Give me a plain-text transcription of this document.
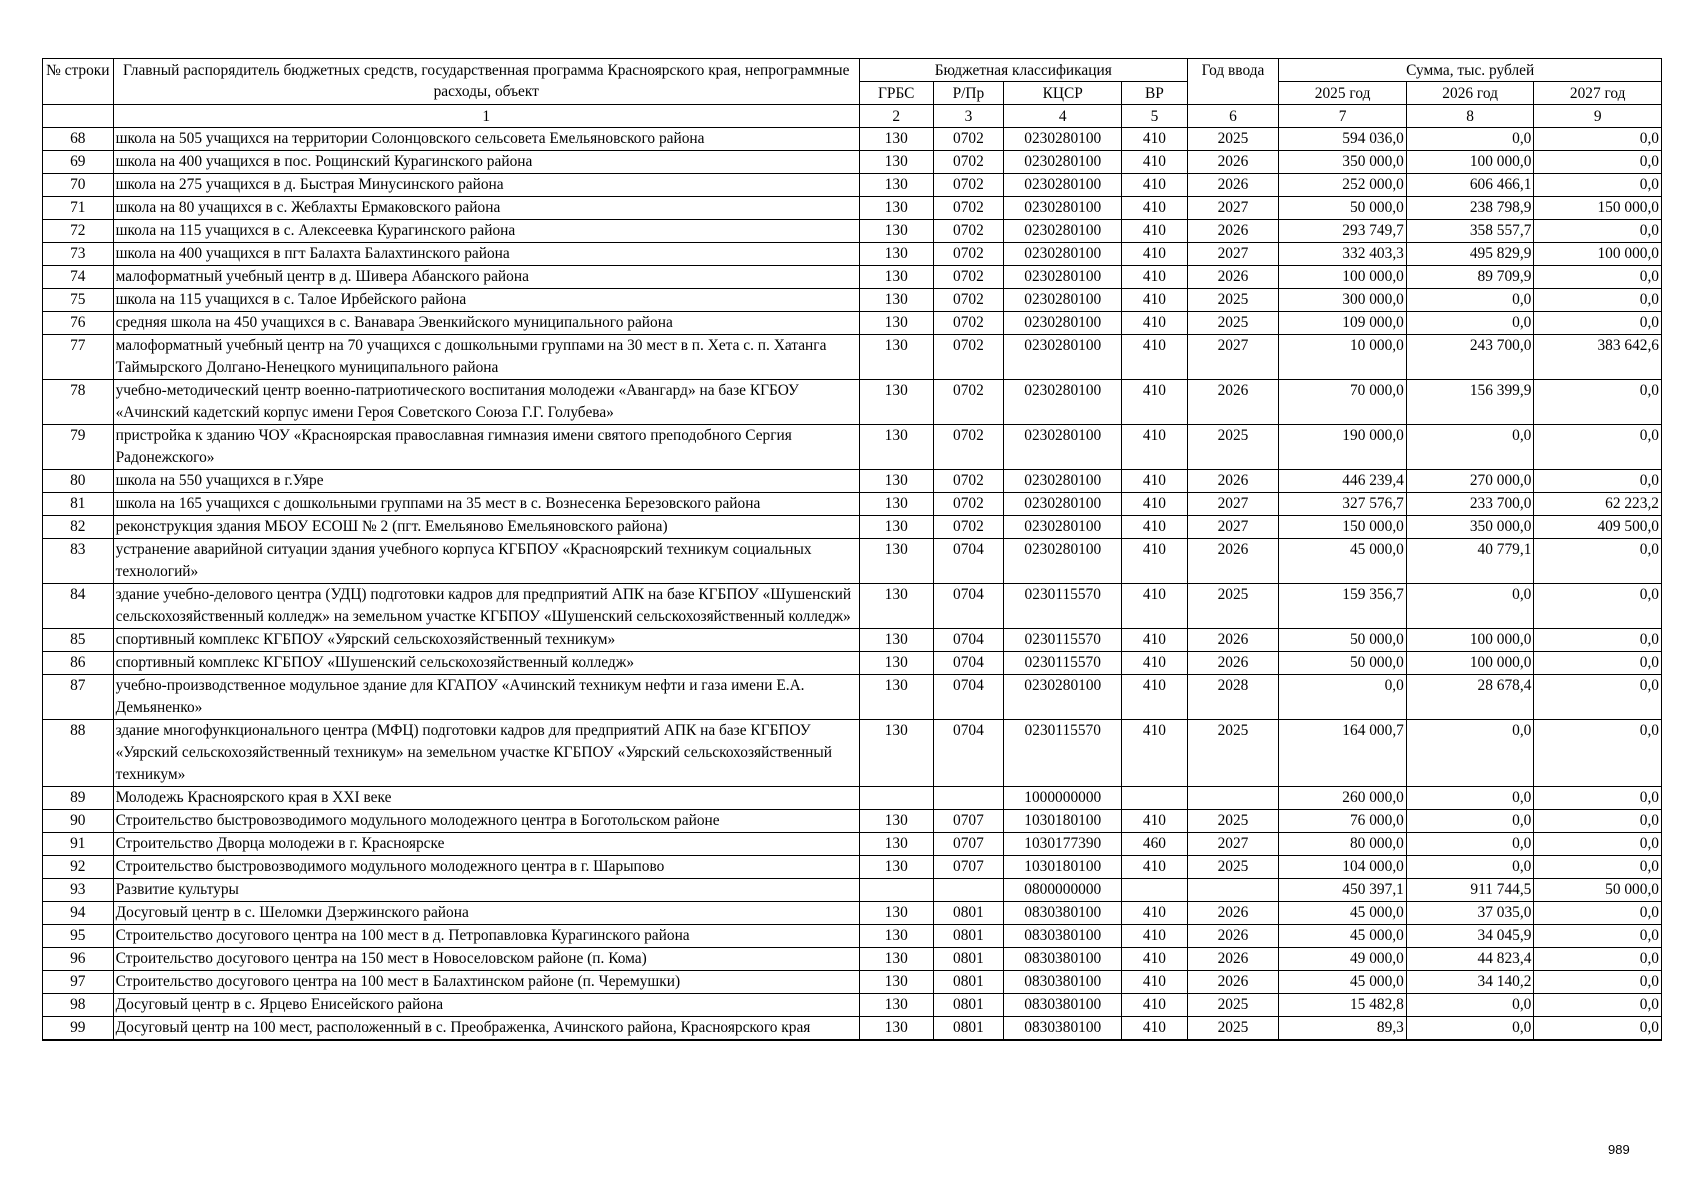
№ строки	Главный распорядитель бюджетных средств, государственная программа Красноярского края, непрограммные расходы, объект	Бюджетная классификация				Год ввода	Сумма, тыс. рублей		
		ГРБС	Р/Пр	КЦСР	ВР		2025 год	2026 год	2027 год
	1	2	3	4	5	6	7	8	9
68	школа на 505 учащихся на территории Солонцовского сельсовета Емельяновского района	130	0702	0230280100	410	2025	594 036,0	0,0	0,0
69	школа на 400 учащихся в пос. Рощинский Курагинского района	130	0702	0230280100	410	2026	350 000,0	100 000,0	0,0
70	школа на 275 учащихся в д. Быстрая Минусинского района	130	0702	0230280100	410	2026	252 000,0	606 466,1	0,0
71	школа на 80 учащихся в с. Жеблахты Ермаковского района	130	0702	0230280100	410	2027	50 000,0	238 798,9	150 000,0
72	школа на 115 учащихся в с. Алексеевка Курагинского района	130	0702	0230280100	410	2026	293 749,7	358 557,7	0,0
73	школа на 400 учащихся в пгт Балахта Балахтинского района	130	0702	0230280100	410	2027	332 403,3	495 829,9	100 000,0
74	малоформатный учебный центр в д. Шивера Абанского района	130	0702	0230280100	410	2026	100 000,0	89 709,9	0,0
75	школа на 115 учащихся в с. Талое Ирбейского района	130	0702	0230280100	410	2025	300 000,0	0,0	0,0
76	средняя школа на 450 учащихся в с. Ванавара Эвенкийского муниципального района	130	0702	0230280100	410	2025	109 000,0	0,0	0,0
77	малоформатный учебный центр на 70 учащихся с дошкольными группами на 30 мест в п. Хета с. п. Хатанга Таймырского Долгано-Ненецкого муниципального района	130	0702	0230280100	410	2027	10 000,0	243 700,0	383 642,6
78	учебно-методический центр военно-патриотического воспитания молодежи «Авангард» на базе КГБОУ «Ачинский кадетский корпус имени Героя Советского Союза Г.Г. Голубева»	130	0702	0230280100	410	2026	70 000,0	156 399,9	0,0
79	пристройка к зданию ЧОУ «Красноярская православная гимназия имени святого преподобного Сергия Радонежского»	130	0702	0230280100	410	2025	190 000,0	0,0	0,0
80	школа на 550 учащихся в г.Уяре	130	0702	0230280100	410	2026	446 239,4	270 000,0	0,0
81	школа на 165 учащихся с дошкольными группами на 35 мест в с. Вознесенка Березовского района	130	0702	0230280100	410	2027	327 576,7	233 700,0	62 223,2
82	реконструкция здания МБОУ ЕСОШ № 2 (пгт. Емельяново Емельяновского района)	130	0702	0230280100	410	2027	150 000,0	350 000,0	409 500,0
83	устранение аварийной ситуации здания учебного корпуса КГБПОУ «Красноярский техникум социальных технологий»	130	0704	0230280100	410	2026	45 000,0	40 779,1	0,0
84	здание учебно-делового центра (УДЦ) подготовки кадров для предприятий АПК на базе КГБПОУ «Шушенский сельскохозяйственный колледж» на земельном участке КГБПОУ «Шушенский сельскохозяйственный колледж»	130	0704	0230115570	410	2025	159 356,7	0,0	0,0
85	спортивный комплекс КГБПОУ «Уярский сельскохозяйственный техникум»	130	0704	0230115570	410	2026	50 000,0	100 000,0	0,0
86	спортивный комплекс КГБПОУ «Шушенский сельскохозяйственный колледж»	130	0704	0230115570	410	2026	50 000,0	100 000,0	0,0
87	учебно-производственное модульное здание для КГАПОУ «Ачинский техникум нефти и газа имени Е.А. Демьяненко»	130	0704	0230280100	410	2028	0,0	28 678,4	0,0
88	здание многофункционального центра (МФЦ) подготовки кадров для предприятий АПК на базе КГБПОУ «Уярский сельскохозяйственный техникум» на земельном участке КГБПОУ «Уярский сельскохозяйственный техникум»	130	0704	0230115570	410	2025	164 000,7	0,0	0,0
89	Молодежь Красноярского края в XXI веке			1000000000			260 000,0	0,0	0,0
90	Строительство быстровозводимого модульного молодежного центра в Боготольском районе	130	0707	1030180100	410	2025	76 000,0	0,0	0,0
91	Строительство Дворца молодежи в г. Красноярске	130	0707	1030177390	460	2027	80 000,0	0,0	0,0
92	Строительство быстровозводимого модульного молодежного центра в г. Шарыпово	130	0707	1030180100	410	2025	104 000,0	0,0	0,0
93	Развитие культуры			0800000000			450 397,1	911 744,5	50 000,0
94	Досуговый центр в с. Шеломки Дзержинского района	130	0801	0830380100	410	2026	45 000,0	37 035,0	0,0
95	Строительство досугового центра на 100 мест в д. Петропавловка Курагинского района	130	0801	0830380100	410	2026	45 000,0	34 045,9	0,0
96	Строительство досугового центра на 150 мест в Новоселовском районе (п. Кома)	130	0801	0830380100	410	2026	49 000,0	44 823,4	0,0
97	Строительство досугового центра на 100 мест в Балахтинском районе (п. Черемушки)	130	0801	0830380100	410	2026	45 000,0	34 140,2	0,0
98	Досуговый центр в с. Ярцево Енисейского района	130	0801	0830380100	410	2025	15 482,8	0,0	0,0
99	Досуговый центр на 100 мест, расположенный в с. Преображенка, Ачинского района, Красноярского края	130	0801	0830380100	410	2025	89,3	0,0	0,0
989
